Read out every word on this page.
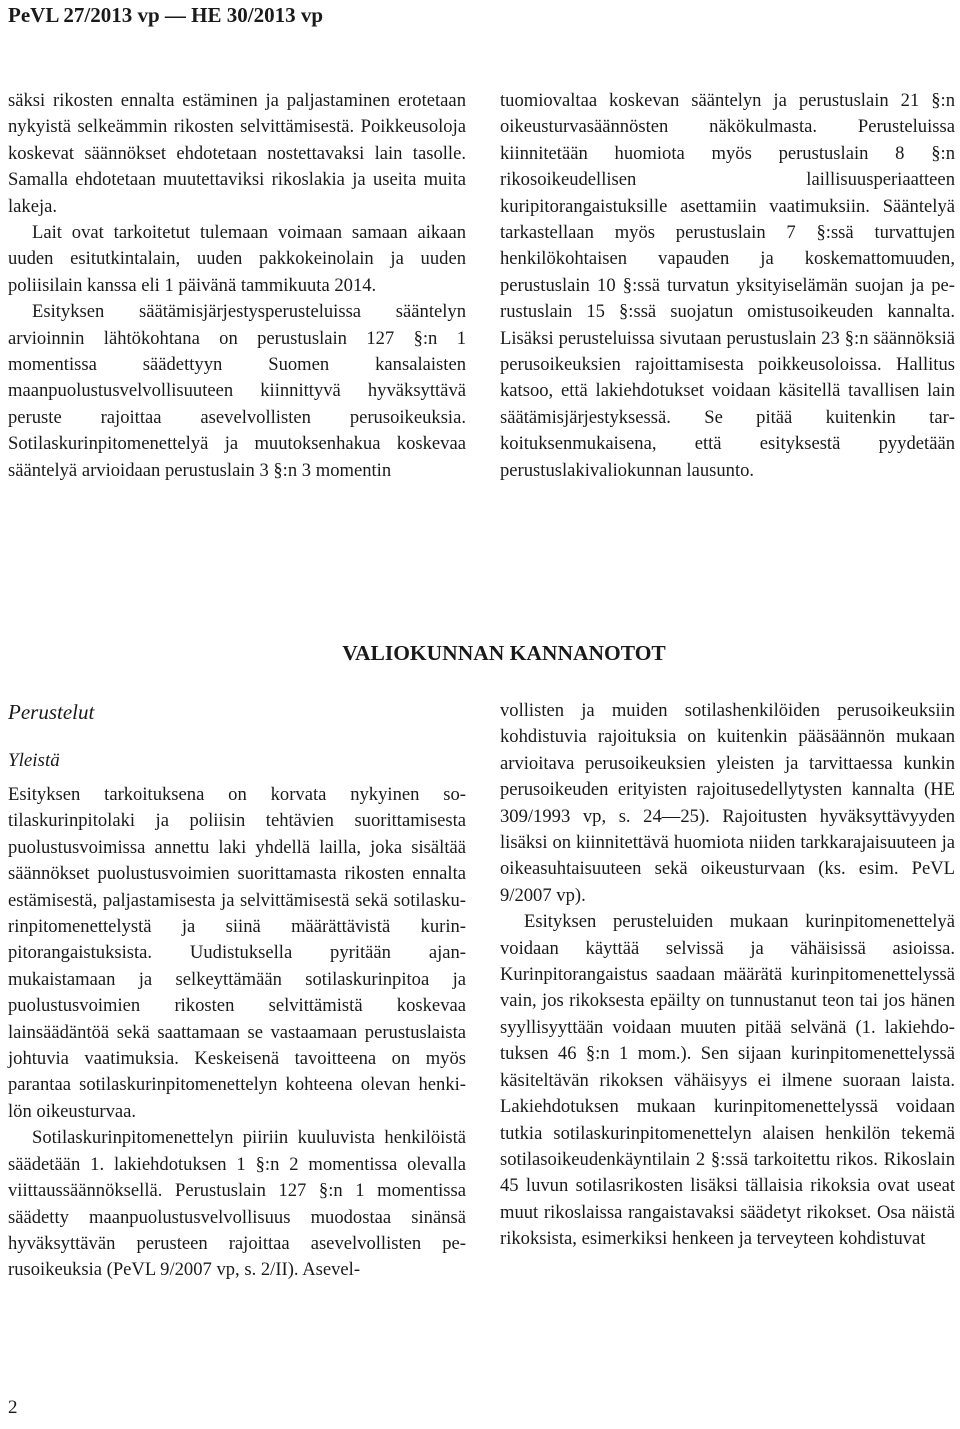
PeVL 27/2013 vp — HE 30/2013 vp

säksi rikosten ennalta estäminen ja paljastaminen erotetaan nykyistä selkeämmin rikosten selvittämisestä. Poikkeusoloja koskevat säännökset ehdotetaan nostettavaksi lain tasolle. Samalla ehdotetaan muutettaviksi rikoslakia ja useita muita lakeja.

Lait ovat tarkoitetut tulemaan voimaan samaan aikaan uuden esitutkintalain, uuden pakkokeinolain ja uuden poliisilain kanssa eli 1 päivänä tammikuuta 2014.

Esityksen säätämisjärjestysperusteluissa sääntelyn arvioinnin lähtökohtana on perustuslain 127 §:n 1 momentissa säädettyyn Suomen kansalaisten maanpuolustusvelvollisuuteen kiinnittyvä hyväksyttävä peruste rajoittaa asevelvollisten perusoikeuksia. Sotilaskurinpitomenettelyä ja muutoksenhakua koskevaa sääntelyä arvioidaan perustuslain 3 §:n 3 momentin

tuomiovaltaa koskevan sääntelyn ja perustuslain 21 §:n oikeusturvasäännösten näkökulmasta. Perusteluissa kiinnitetään huomiota myös perustuslain 8 §:n rikosoikeudellisen laillisuusperiaatteen kuripitorangaistuksille asettamiin vaatimuksiin. Sääntelyä tarkastellaan myös perustuslain 7 §:ssä turvattujen henkilökohtaisen vapauden ja koskemattomuuden, perustuslain 10 §:ssä turvatun yksityiselämän suojan ja perustuslain 15 §:ssä suojatun omistusoikeuden kannalta. Lisäksi perusteluissa sivutaan perustuslain 23 §:n säännöksiä perusoikeuksien rajoittamisesta poikkeusoloissa. Hallitus katsoo, että lakiehdotukset voidaan käsitellä tavallisen lain säätämisjärjestyksessä. Se pitää kuitenkin tarkoituksenmukaisena, että esityksestä pyydetään perustuslakivaliokunnan lausunto.

VALIOKUNNAN KANNANOTOT
Perustelut
Yleistä

Esityksen tarkoituksena on korvata nykyinen sotilaskurinpitolaki ja poliisin tehtävien suorittamisesta puolustusvoimissa annettu laki yhdellä lailla, joka sisältää säännökset puolustusvoimien suorittamasta rikosten ennalta estämisestä, paljastamisesta ja selvittämisestä sekä sotilaskurinpitomenettelystä ja siinä määrättävistä kurinpitorangaistuksista. Uudistuksella pyritään ajanmukaistamaan ja selkeyttämään sotilaskurinpitoa ja puolustusvoimien rikosten selvittämistä koskevaa lainsäädäntöä sekä saattamaan se vastaamaan perustuslaista johtuvia vaatimuksia. Keskeisenä tavoitteena on myös parantaa sotilaskurinpitomenettelyn kohteena olevan henkilön oikeusturvaa.

Sotilaskurinpitomenettelyn piiriin kuuluvista henkilöistä säädetään 1. lakiehdotuksen 1 §:n 2 momentissa olevalla viittaussäännöksellä. Perustuslain 127 §:n 1 momentissa säädetty maanpuolustusvelvollisuus muodostaa sinänsä hyväksyttävän perusteen rajoittaa asevelvollisten perusoikeuksia (PeVL 9/2007 vp, s. 2/II). Asevel-

vollisten ja muiden sotilashenkilöiden perusoikeuksiin kohdistuvia rajoituksia on kuitenkin pääsäännön mukaan arvioitava perusoikeuksien yleisten ja tarvittaessa kunkin perusoikeuden erityisten rajoitusedellytysten kannalta (HE 309/1993 vp, s. 24—25). Rajoitusten hyväksyttävyyden lisäksi on kiinnitettävä huomiota niiden tarkkarajaisuuteen ja oikeasuhtaisuuteen sekä oikeusturvaan (ks. esim. PeVL 9/2007 vp).

Esityksen perusteluiden mukaan kurinpitomenettelyä voidaan käyttää selvissä ja vähäisissä asioissa. Kurinpitorangaistus saadaan määrätä kurinpitomenettelyssä vain, jos rikoksesta epäilty on tunnustanut teon tai jos hänen syyllisyyttään voidaan muuten pitää selvänä (1. lakiehdotuksen 46 §:n 1 mom.). Sen sijaan kurinpitomenettelyssä käsiteltävän rikoksen vähäisyys ei ilmene suoraan laista. Lakiehdotuksen mukaan kurinpitomenettelyssä voidaan tutkia sotilaskurinpitomenettelyn alaisen henkilön tekemä sotilasoikeudenkäyntilain 2 §:ssä tarkoitettu rikos. Rikoslain 45 luvun sotilasrikosten lisäksi tällaisia rikoksia ovat useat muut rikoslaissa rangaistavaksi säädetyt rikokset. Osa näistä rikoksista, esimerkiksi henkeen ja terveyteen kohdistuvat

2
